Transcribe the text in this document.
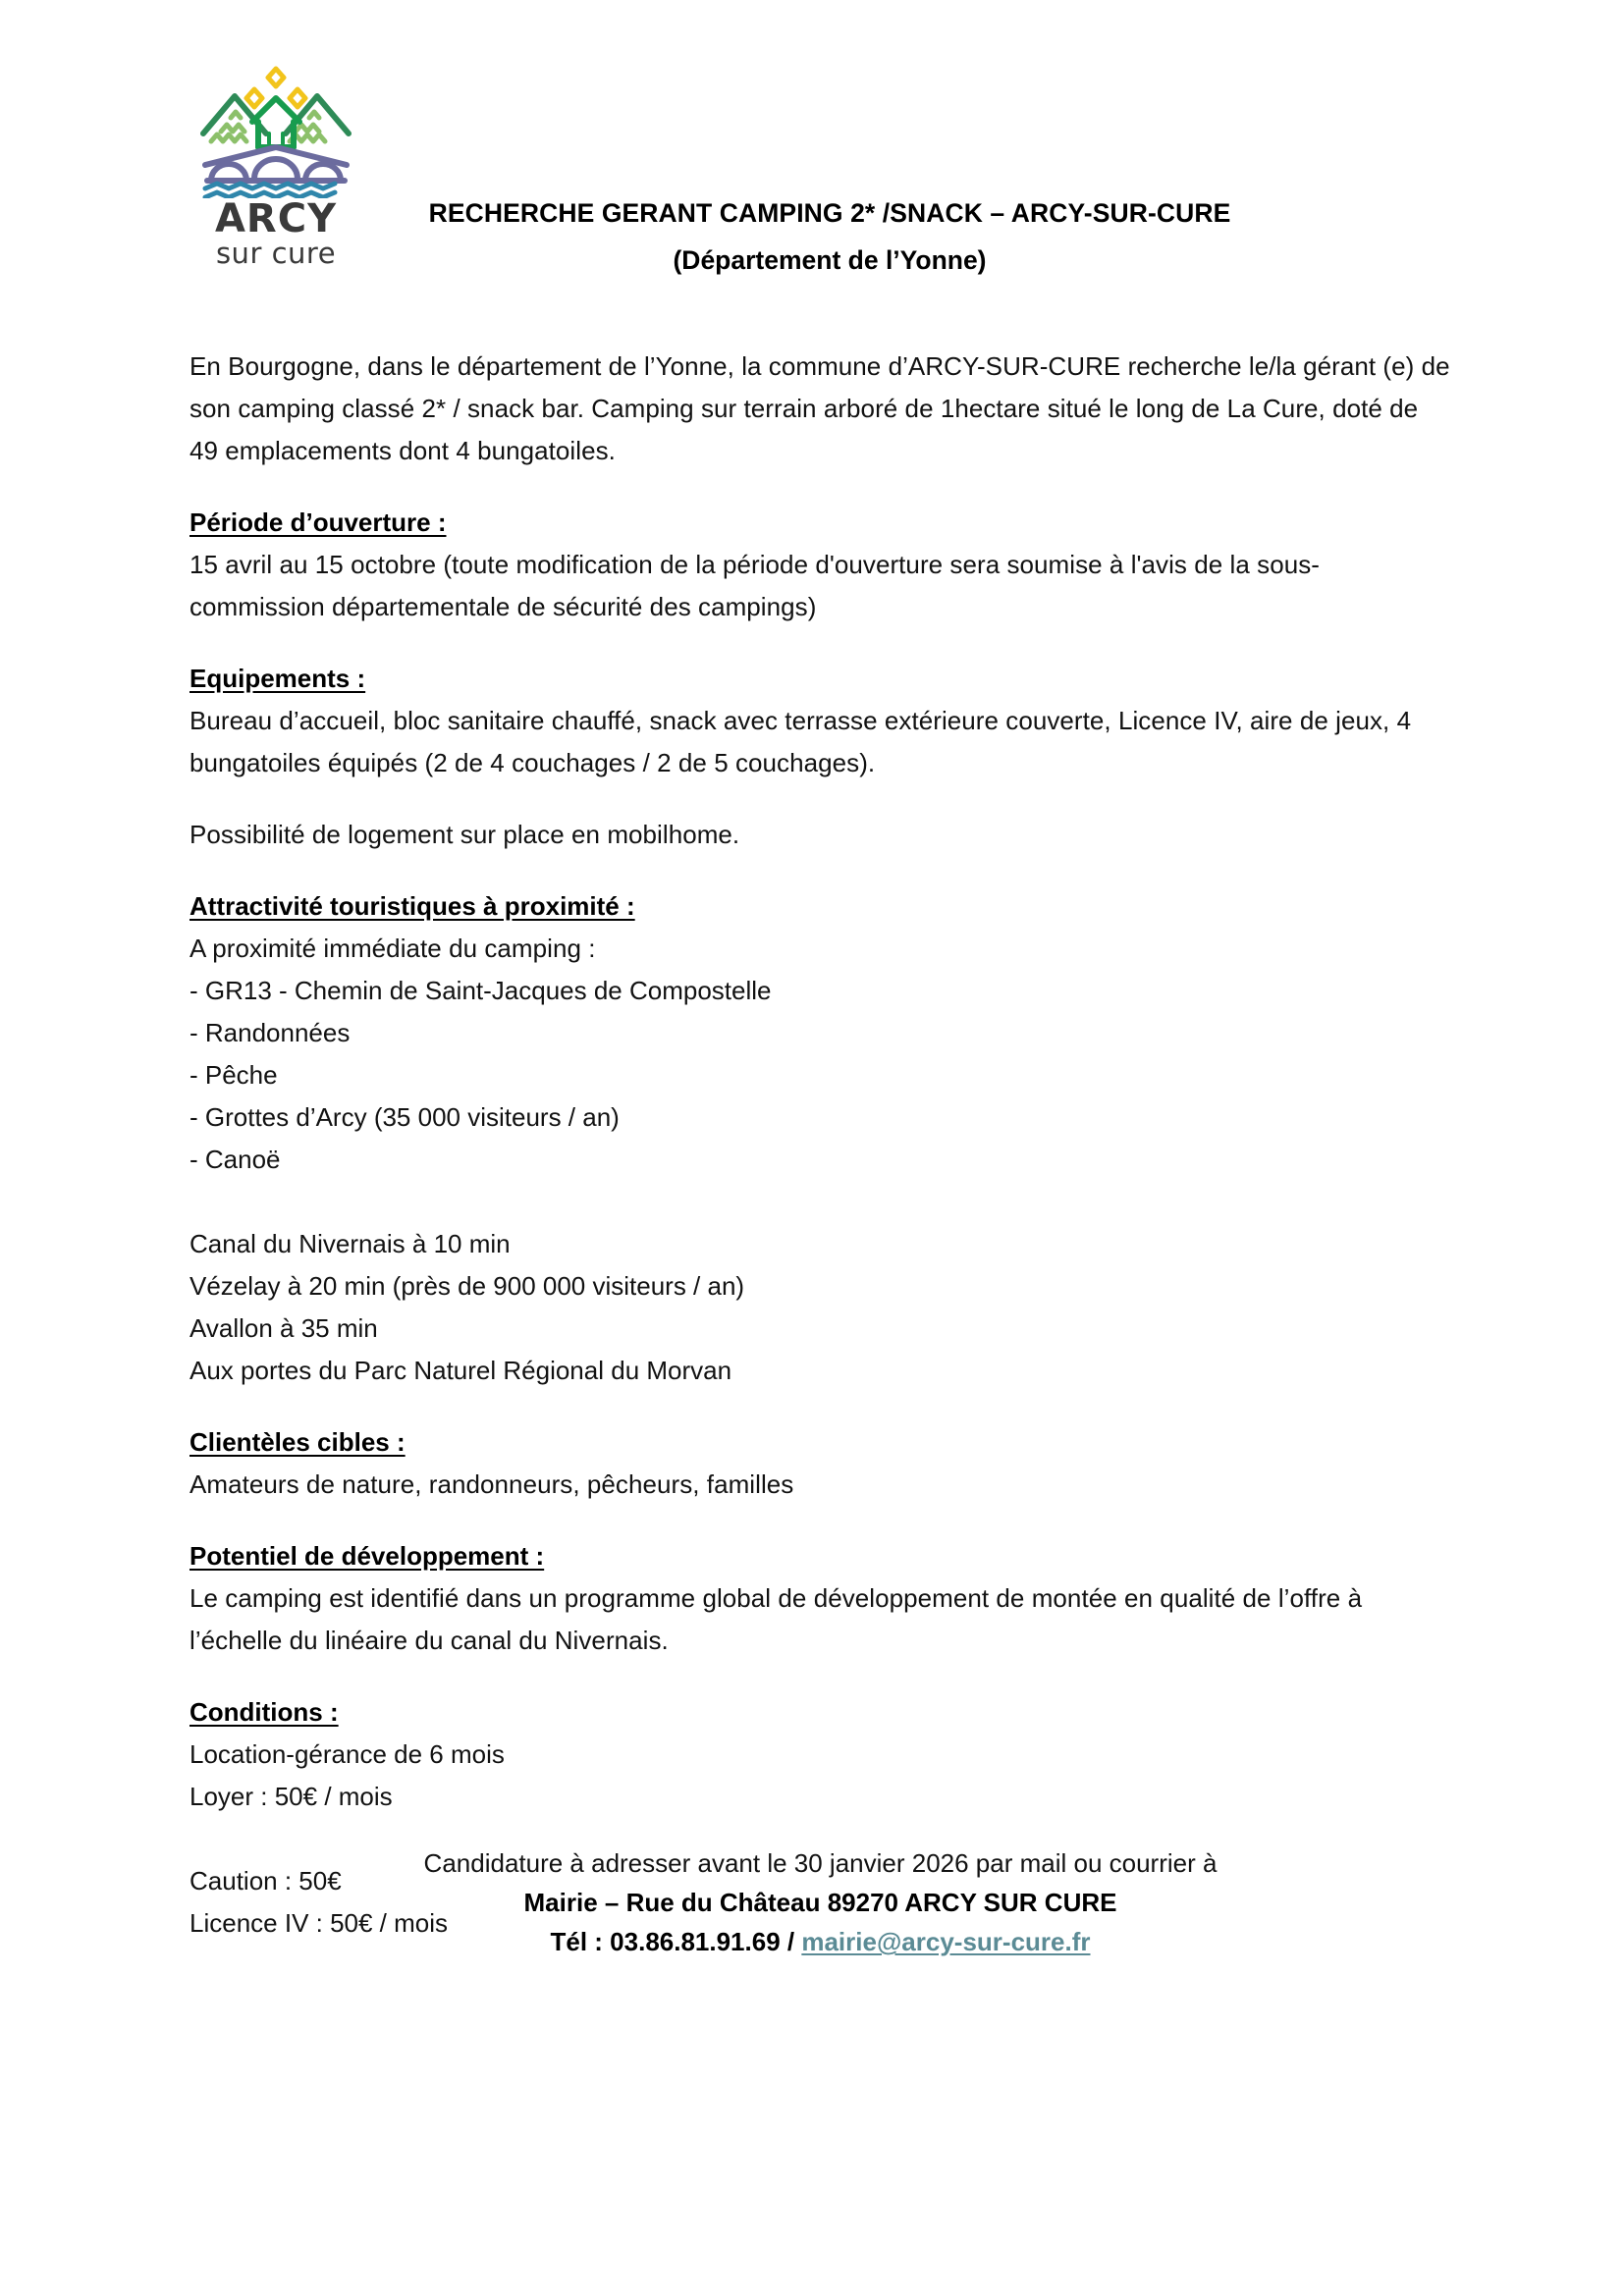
ARCY
sur cure
RECHERCHE GERANT CAMPING 2* /SNACK – ARCY-SUR-CURE
(Département de l’Yonne)

En Bourgogne, dans le département de l’Yonne, la commune d’ARCY-SUR-CURE recherche le/la gérant (e) de son camping classé 2* / snack bar. Camping sur terrain arboré de 1hectare situé le long de La Cure, doté de 49 emplacements dont 4 bungatoiles.

Période d’ouverture :

15 avril au 15 octobre (toute modification de la période d'ouverture sera soumise à l'avis de la sous-commission départementale de sécurité des campings)

Equipements :

Bureau d’accueil, bloc sanitaire chauffé, snack avec terrasse extérieure couverte, Licence IV, aire de jeux, 4 bungatoiles équipés (2 de 4 couchages / 2 de 5 couchages).

Possibilité de logement sur place en mobilhome.

Attractivité touristiques à proximité :

A proximité immédiate du camping :

- GR13 - Chemin de Saint-Jacques de Compostelle

- Randonnées

- Pêche

- Grottes d’Arcy (35 000 visiteurs / an)

- Canoë

Canal du Nivernais à 10 min

Vézelay à 20 min (près de 900 000 visiteurs / an)

Avallon à 35 min

Aux portes du Parc Naturel Régional du Morvan

Clientèles cibles :

Amateurs de nature, randonneurs, pêcheurs, familles

Potentiel de développement :

Le camping est identifié dans un programme global de développement de montée en qualité de l’offre à l’échelle du linéaire du canal du Nivernais.

Conditions :

Location-gérance de 6 mois

Loyer : 50€ / mois

Caution : 50€

Licence IV : 50€ / mois

Candidature à adresser avant le 30 janvier 2026 par mail ou courrier à
Mairie – Rue du Château 89270 ARCY SUR CURE
Tél : 03.86.81.91.69 / mairie@arcy-sur-cure.fr
